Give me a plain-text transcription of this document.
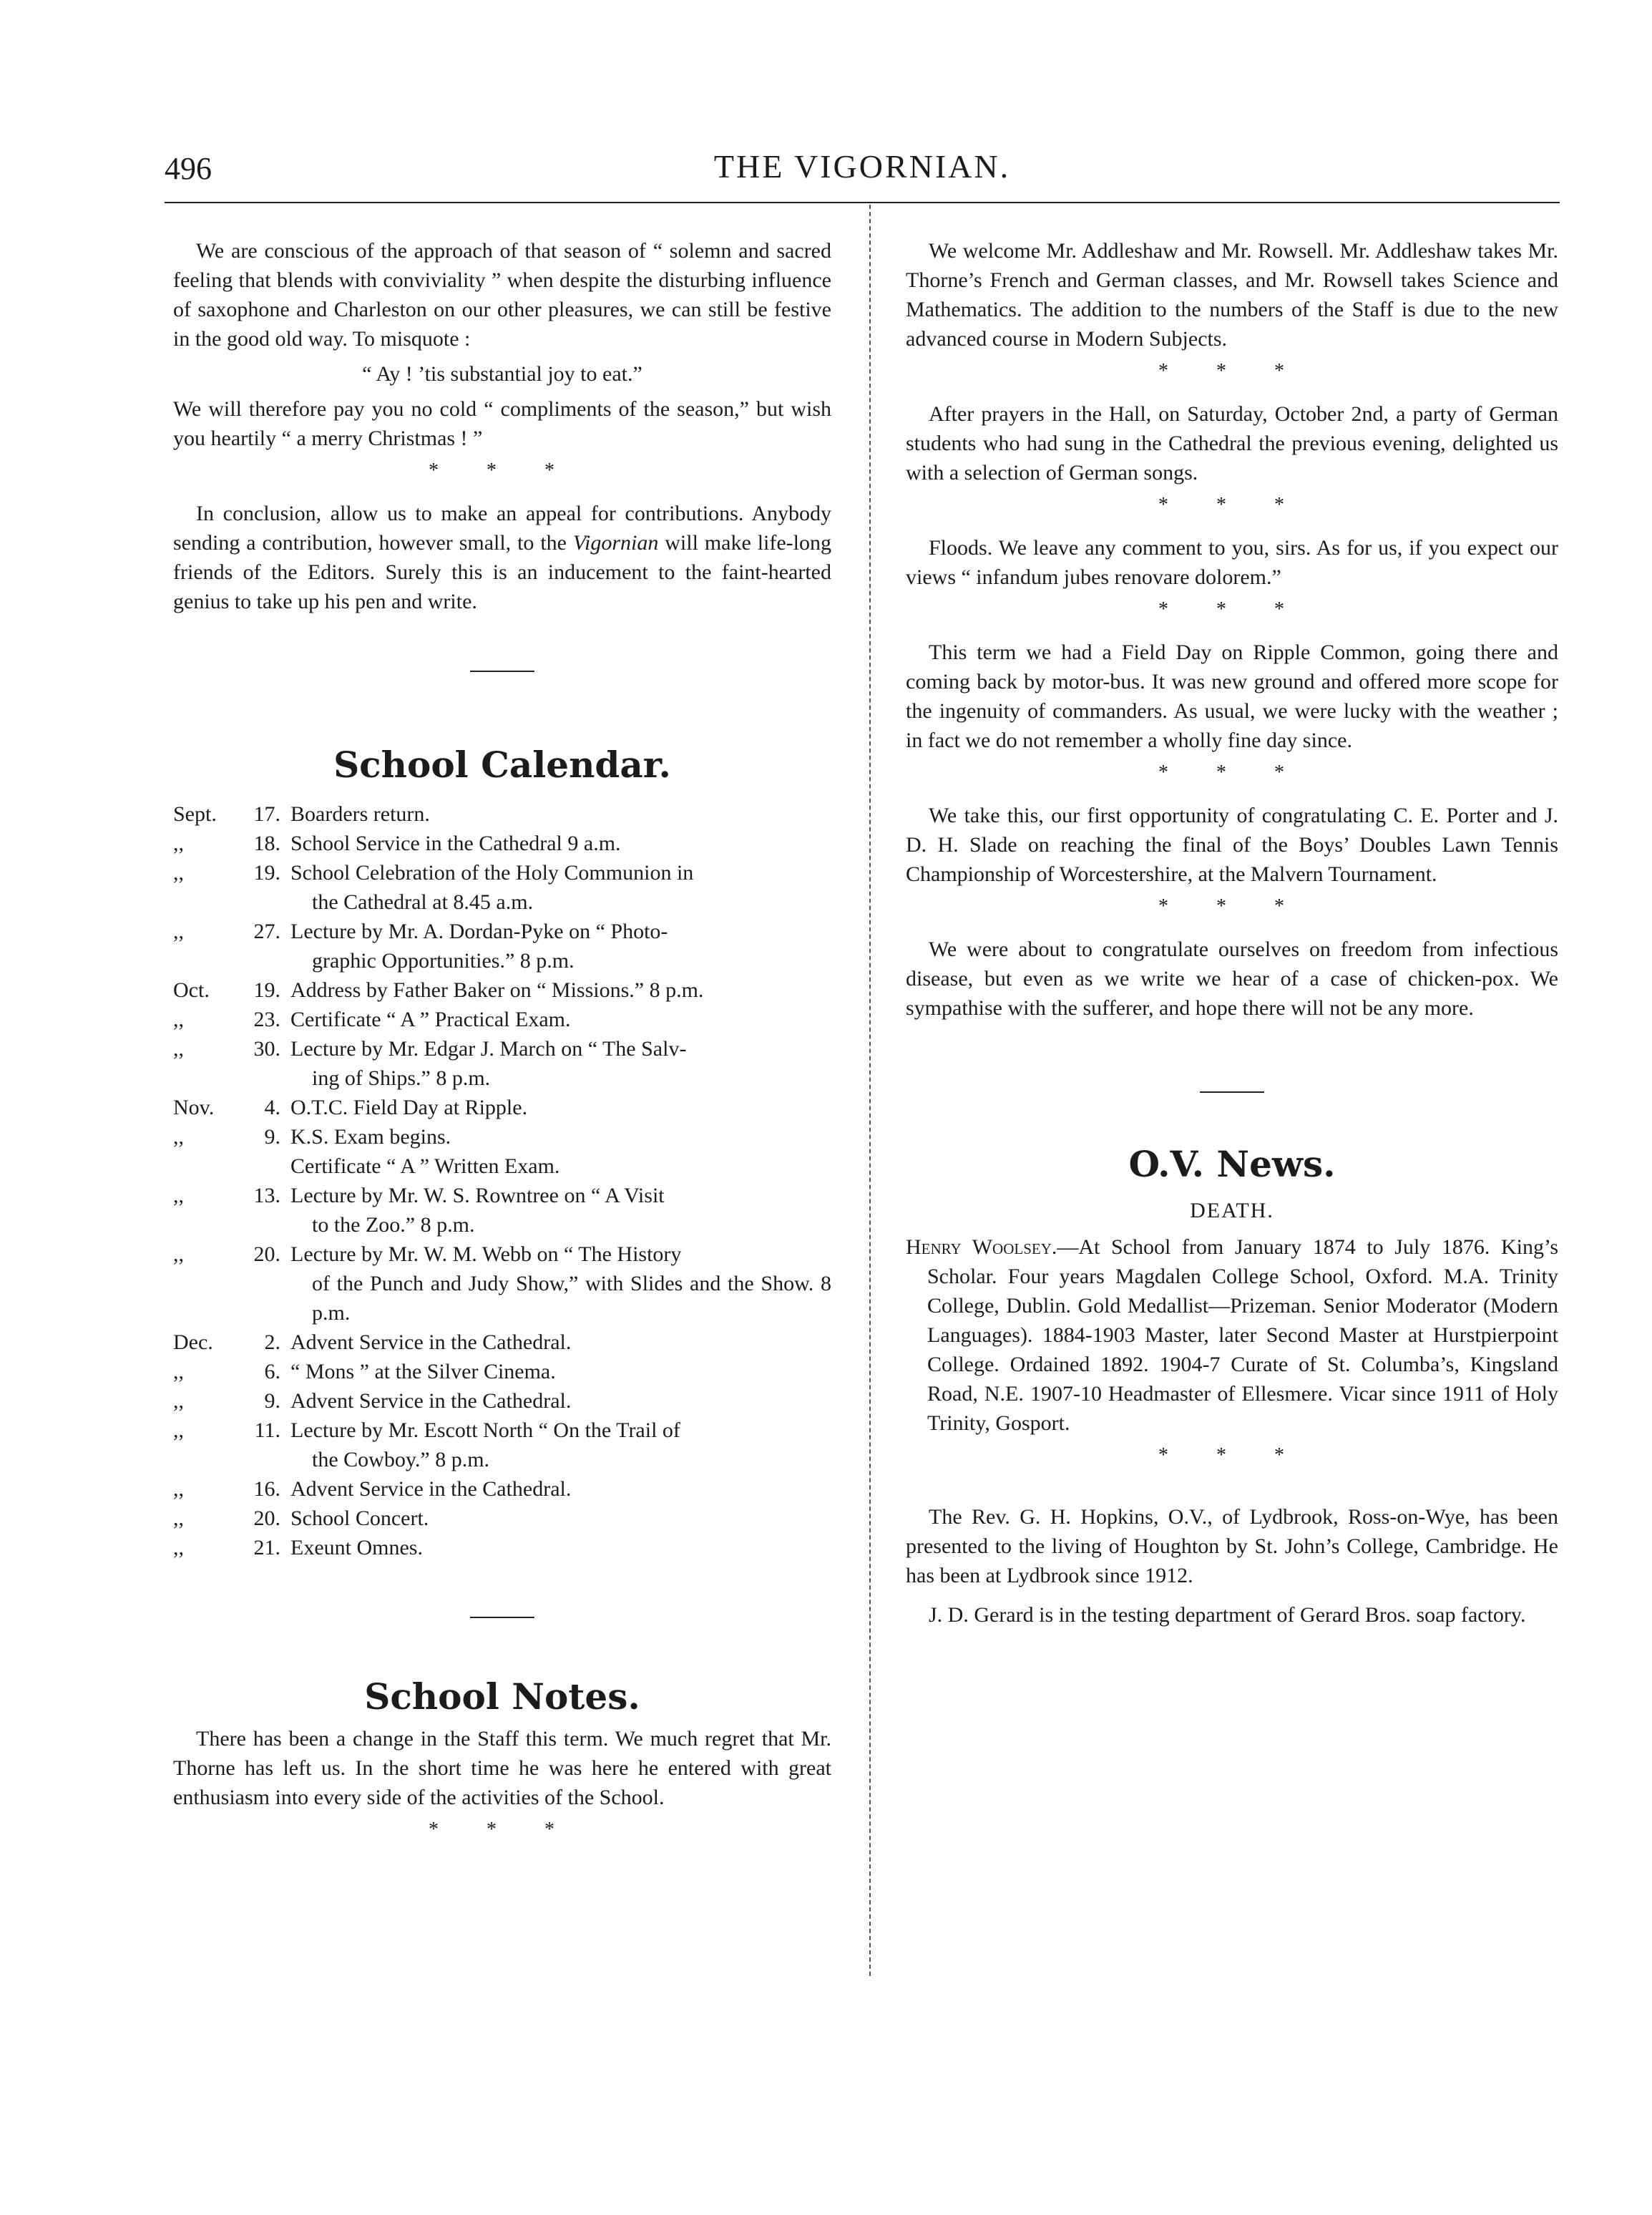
496	THE VIGORNIAN.

We are conscious of the approach of that season of “ solemn and sacred feeling that blends with conviviality ” when despite the disturbing influence of saxophone and Charleston on our other pleasures, we can still be festive in the good old way. To misquote :

“ Ay ! ’tis substantial joy to eat.”

We will therefore pay you no cold “ compliments of the season,” but wish you heartily “ a merry Christmas ! ”

* * *

In conclusion, allow us to make an appeal for contributions. Anybody sending a contribution, however small, to the Vigornian will make life-long friends of the Editors. Surely this is an inducement to the faint-hearted genius to take up his pen and write.

School Calendar.
Sept.	17. Boarders return.
,,	18. School Service in the Cathedral 9 a.m.
,,	19. School Celebration of the Holy Communion in
the Cathedral at 8.45 a.m.
,,	27. Lecture by Mr. A. Dordan-Pyke on “ Photo-
graphic Opportunities.” 8 p.m.
Oct.	19. Address by Father Baker on “ Missions.” 8 p.m.
,,	23. Certificate “ A ” Practical Exam.
,,	30. Lecture by Mr. Edgar J. March on “ The Salv-
ing of Ships.” 8 p.m.
Nov.	4. O.T.C. Field Day at Ripple.
,,	9. K.S. Exam begins.
Certificate “ A ” Written Exam.
,,	13. Lecture by Mr. W. S. Rowntree on “ A Visit
to the Zoo.” 8 p.m.
,,	20. Lecture by Mr. W. M. Webb on “ The History
of the Punch and Judy Show,” with Slides and the Show. 8 p.m.
Dec.	2. Advent Service in the Cathedral.
,,	6. “ Mons ” at the Silver Cinema.
,,	9. Advent Service in the Cathedral.
,,	11. Lecture by Mr. Escott North “ On the Trail of
the Cowboy.” 8 p.m.
,,	16. Advent Service in the Cathedral.
,,	20. School Concert.
,,	21. Exeunt Omnes.
School Notes.

There has been a change in the Staff this term. We much regret that Mr. Thorne has left us. In the short time he was here he entered with great enthusiasm into every side of the activities of the School.

* * *

We welcome Mr. Addleshaw and Mr. Rowsell. Mr. Addleshaw takes Mr. Thorne’s French and German classes, and Mr. Rowsell takes Science and Mathematics. The addition to the numbers of the Staff is due to the new advanced course in Modern Subjects.

* * *

After prayers in the Hall, on Saturday, October 2nd, a party of German students who had sung in the Cathedral the previous evening, delighted us with a selection of German songs.

* * *

Floods. We leave any comment to you, sirs. As for us, if you expect our views “ infandum jubes renovare dolorem.”

* * *

This term we had a Field Day on Ripple Common, going there and coming back by motor-bus. It was new ground and offered more scope for the ingenuity of commanders. As usual, we were lucky with the weather ; in fact we do not remember a wholly fine day since.

* * *

We take this, our first opportunity of congratulating C. E. Porter and J. D. H. Slade on reaching the final of the Boys’ Doubles Lawn Tennis Championship of Worcestershire, at the Malvern Tournament.

* * *

We were about to congratulate ourselves on freedom from infectious disease, but even as we write we hear of a case of chicken-pox. We sympathise with the sufferer, and hope there will not be any more.

O.V. News.
DEATH.

Henry Woolsey.—At School from January 1874 to July 1876. King’s Scholar. Four years Magdalen College School, Oxford. M.A. Trinity College, Dublin. Gold Medallist—Prizeman. Senior Moderator (Modern Languages). 1884-1903 Master, later Second Master at Hurstpierpoint College. Ordained 1892. 1904-7 Curate of St. Columba’s, Kingsland Road, N.E. 1907-10 Headmaster of Ellesmere. Vicar since 1911 of Holy Trinity, Gosport.

* * *

The Rev. G. H. Hopkins, O.V., of Lydbrook, Ross-on-Wye, has been presented to the living of Houghton by St. John’s College, Cambridge. He has been at Lydbrook since 1912.

J. D. Gerard is in the testing department of Gerard Bros. soap factory.
